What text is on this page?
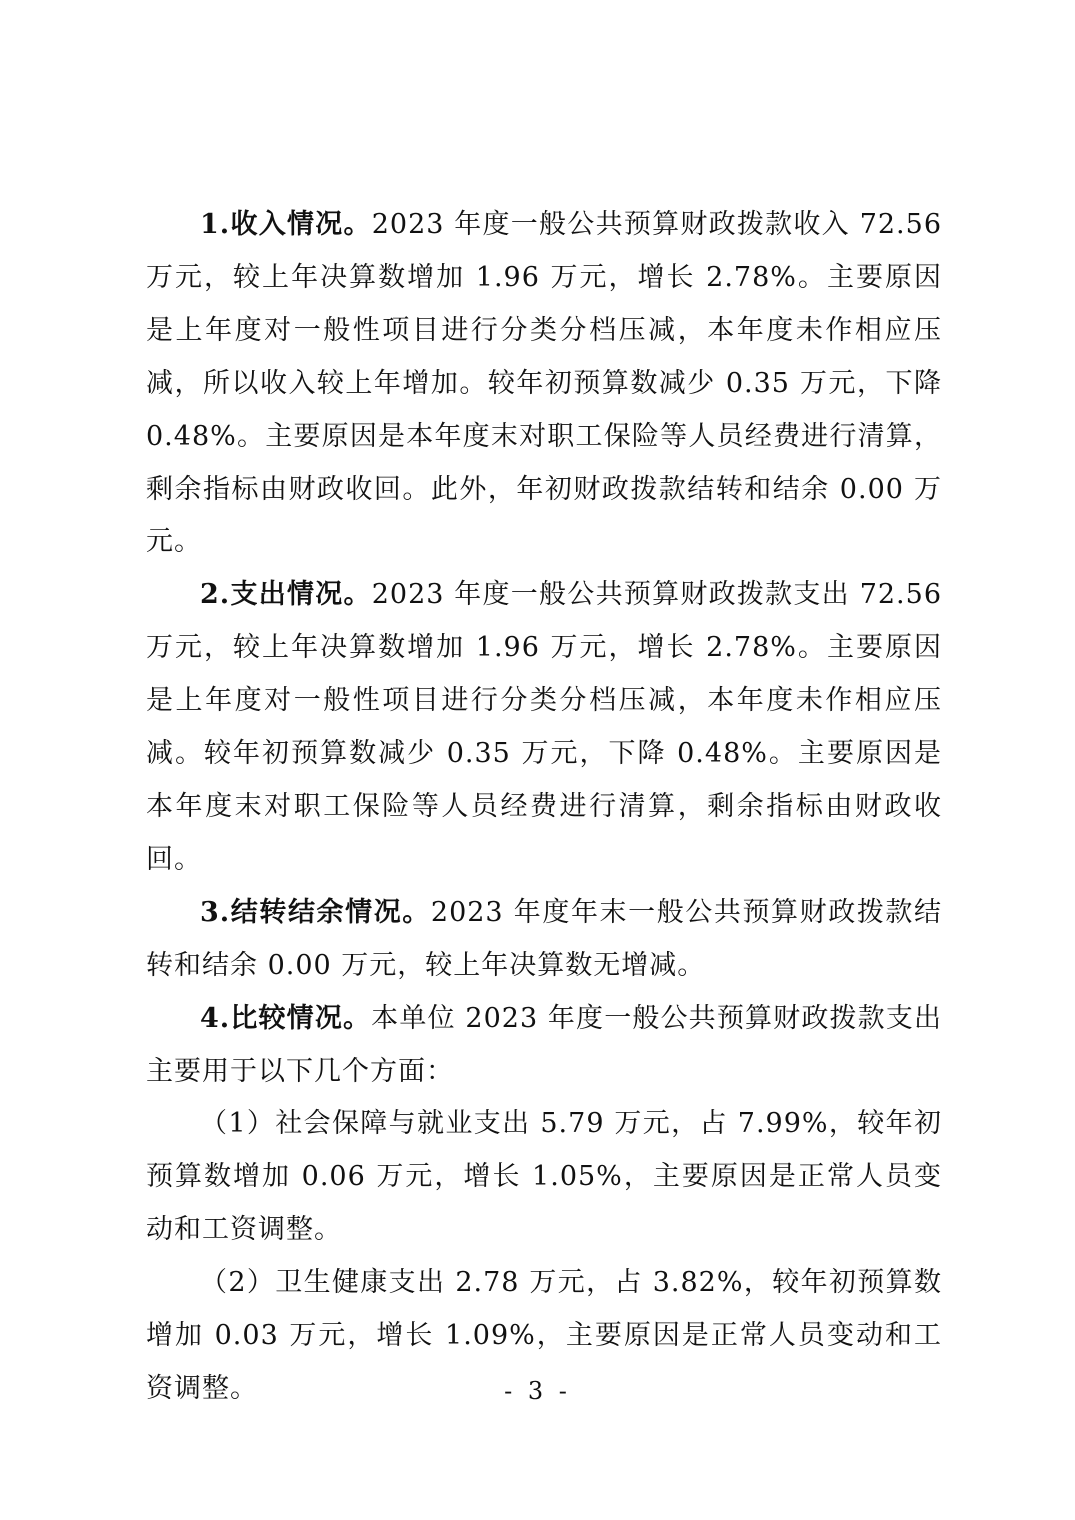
1.收入情况。2023 年度一般公共预算财政拨款收入 72.56 万元，较上年决算数增加 1.96 万元，增长 2.78%。主要原因是上年度对一般性项目进行分类分档压减，本年度未作相应压减，所以收入较上年增加。较年初预算数减少 0.35 万元，下降 0.48%。主要原因是本年度末对职工保险等人员经费进行清算，剩余指标由财政收回。此外，年初财政拨款结转和结余 0.00 万元。

2.支出情况。2023 年度一般公共预算财政拨款支出 72.56 万元，较上年决算数增加 1.96 万元，增长 2.78%。主要原因是上年度对一般性项目进行分类分档压减，本年度未作相应压减。较年初预算数减少 0.35 万元，下降 0.48%。主要原因是本年度末对职工保险等人员经费进行清算，剩余指标由财政收回。

3.结转结余情况。2023 年度年末一般公共预算财政拨款结转和结余 0.00 万元，较上年决算数无增减。

4.比较情况。本单位 2023 年度一般公共预算财政拨款支出主要用于以下几个方面：

（1）社会保障与就业支出 5.79 万元，占 7.99%，较年初预算数增加 0.06 万元，增长 1.05%，主要原因是正常人员变动和工资调整。

（2）卫生健康支出 2.78 万元，占 3.82%，较年初预算数增加 0.03 万元，增长 1.09%，主要原因是正常人员变动和工资调整。	- 3 -
